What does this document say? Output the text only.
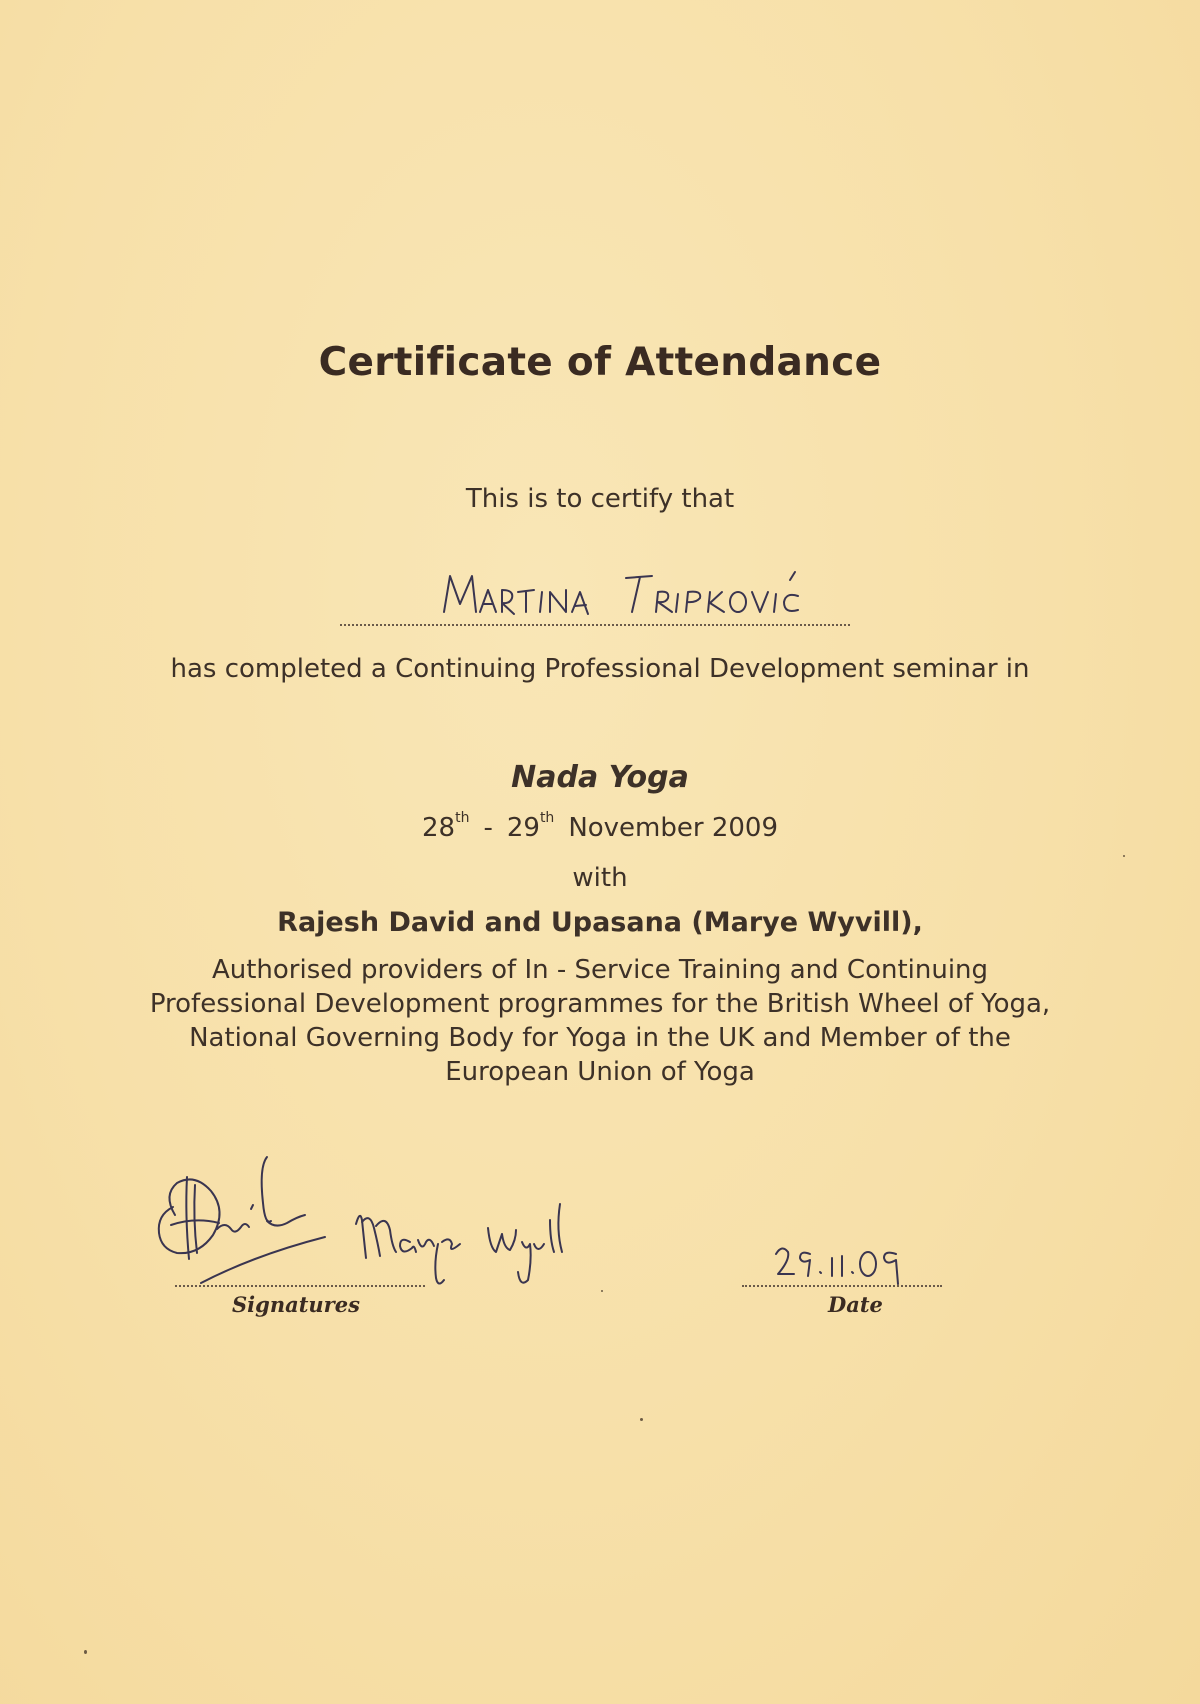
Certificate of Attendance
This is to certify that
has completed a Continuing Professional Development seminar in
Nada Yoga
28th - 29th November 2009
with
Rajesh David and Upasana (Marye Wyvill),
Authorised providers of In - Service Training and Continuing
Professional Development programmes for the British Wheel of Yoga,
National Governing Body for Yoga in the UK and Member of the
European Union of Yoga
Signatures	Date
